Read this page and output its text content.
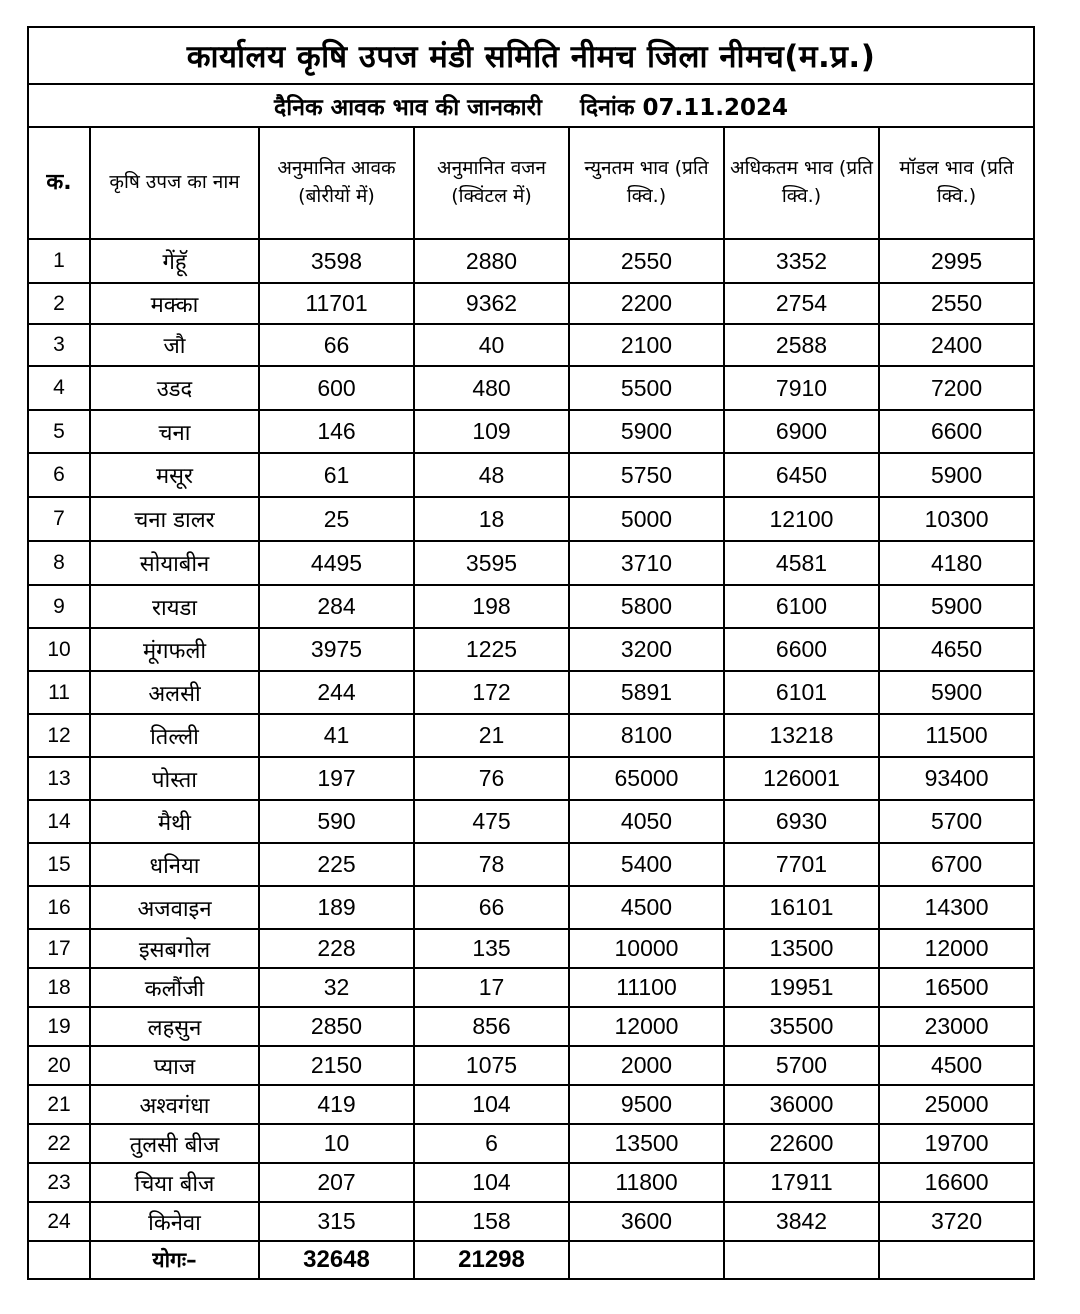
कार्यालय कृषि उपज मंडी समिति नीमच जिला नीमच(म.प्र.)						
दैनिक आवक भाव की जानकारी दिनांक 07.11.2024						
क.	कृषि उपज का नाम	अनुमानित आवक (बोरीयों में)	अनुमानित वजन (क्विंटल में)	न्युनतम भाव (प्रति क्वि.)	अधिकतम भाव (प्रति क्वि.)	मॉडल भाव (प्रति क्वि.)
1	गेंहूॅ	3598	2880	2550	3352	2995
2	मक्का	11701	9362	2200	2754	2550
3	जौ	66	40	2100	2588	2400
4	उडद	600	480	5500	7910	7200
5	चना	146	109	5900	6900	6600
6	मसूर	61	48	5750	6450	5900
7	चना डालर	25	18	5000	12100	10300
8	सोयाबीन	4495	3595	3710	4581	4180
9	रायडा	284	198	5800	6100	5900
10	मूंगफली	3975	1225	3200	6600	4650
11	अलसी	244	172	5891	6101	5900
12	तिल्ली	41	21	8100	13218	11500
13	पोस्ता	197	76	65000	126001	93400
14	मैथी	590	475	4050	6930	5700
15	धनिया	225	78	5400	7701	6700
16	अजवाइन	189	66	4500	16101	14300
17	इसबगोल	228	135	10000	13500	12000
18	कलौंजी	32	17	11100	19951	16500
19	लहसुन	2850	856	12000	35500	23000
20	प्याज	2150	1075	2000	5700	4500
21	अश्वगंधा	419	104	9500	36000	25000
22	तुलसी बीज	10	6	13500	22600	19700
23	चिया बीज	207	104	11800	17911	16600
24	किनेवा	315	158	3600	3842	3720
	योगः–	32648	21298			
